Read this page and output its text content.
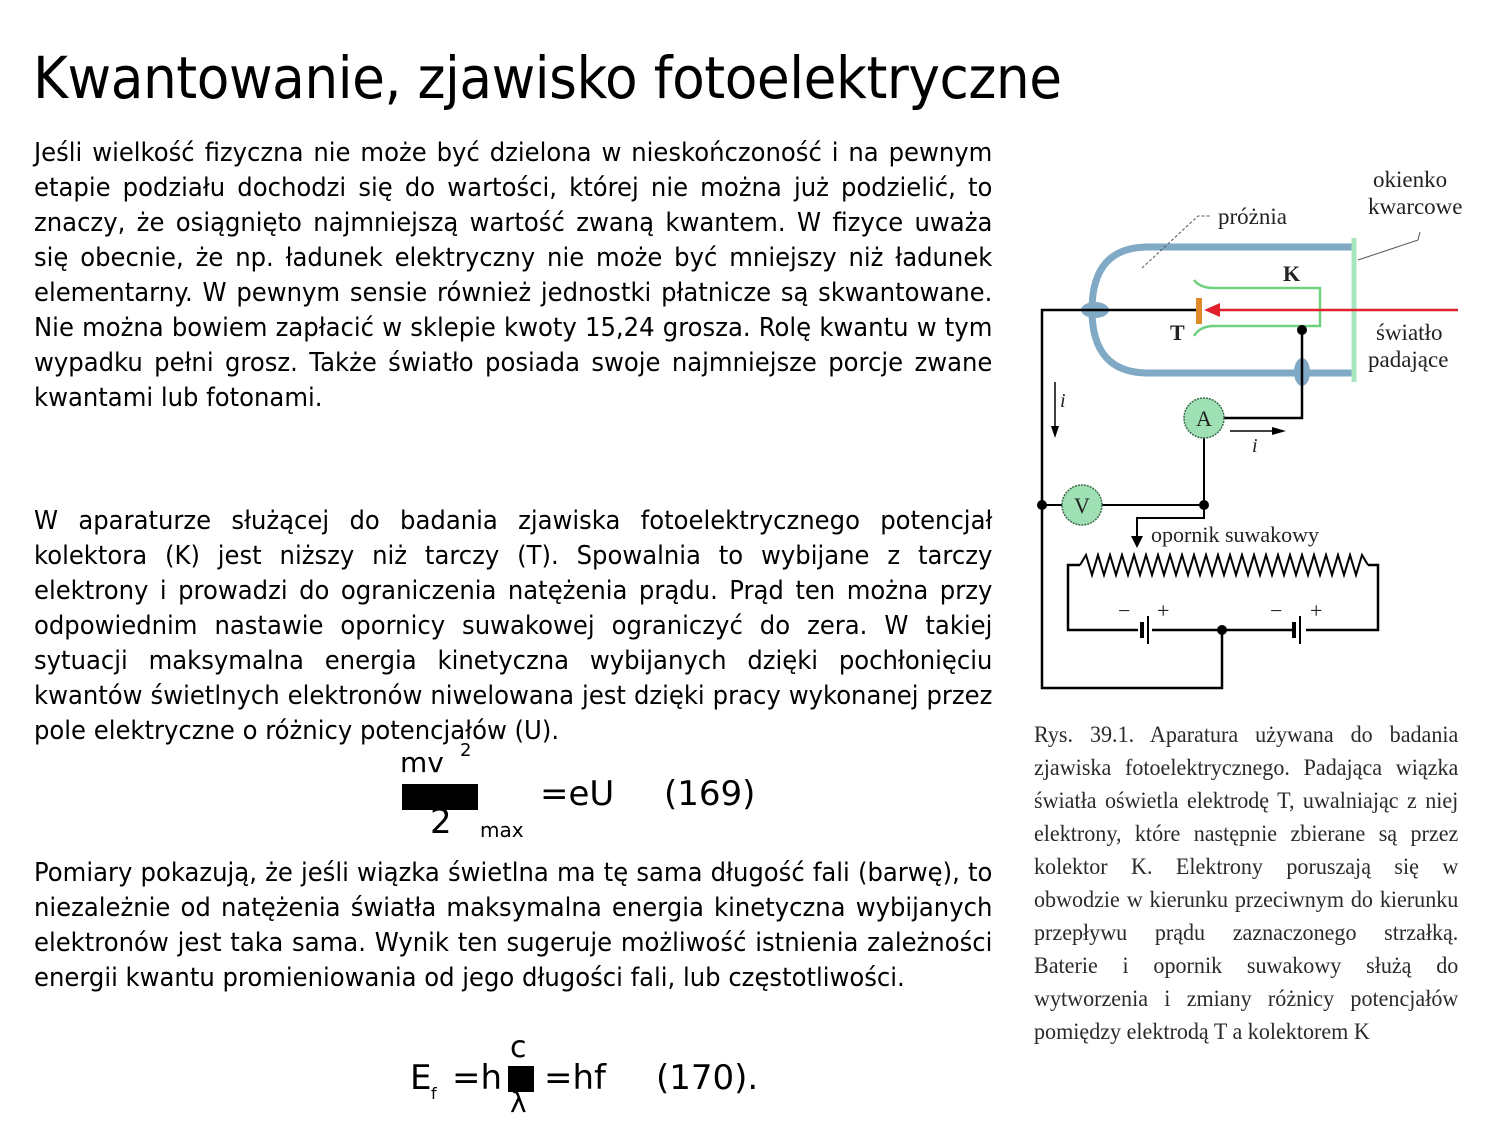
Kwantowanie, zjawisko fotoelektryczne

Jeśli wielkość fizyczna nie może być dzielona w nieskończoność i na pewnym etapie podziału dochodzi się do wartości, której nie można już podzielić, to znaczy, że osiągnięto najmniejszą wartość zwaną kwantem. W fizyce uważa się obecnie, że np. ładunek elektryczny nie może być mniejszy niż ładunek elementarny. W pewnym sensie również jednostki płatnicze są skwantowane. Nie można bowiem zapłacić w sklepie kwoty 15,24 grosza. Rolę kwantu w tym wypadku pełni grosz. Także światło posiada swoje najmniejsze porcje zwane kwantami lub fotonami.

W aparaturze służącej do badania zjawiska fotoelektrycznego potencjał kolektora (K) jest niższy niż tarczy (T). Spowalnia to wybijane z tarczy elektrony i prowadzi do ograniczenia natężenia prądu. Prąd ten można przy odpowiednim nastawie opornicy suwakowej ograniczyć do zera. W takiej sytuacji maksymalna energia kinetyczna wybijanych dzięki pochłonięciu kwantów świetlnych elektronów niwelowana jest dzięki pracy wykonanej przez pole elektryczne o różnicy potencjałów (U).

mv 2
2 max
=eU (169)

Pomiary pokazują, że jeśli wiązka świetlna ma tę sama długość fali (barwę), to niezależnie od natężenia światła maksymalna energia kinetyczna wybijanych elektronów jest taka sama. Wynik ten sugeruje możliwość istnienia zależności energii kwantu promieniowania od jego długości fali, lub częstotliwości.

E f =h
c
λ
=hf (170).
A
V
próżnia
okienko
kwarcowe
K
T	światło
padające
i
i
opornik suwakowy
− +	− +

Rys. 39.1. Aparatura używana do badania zjawiska fotoelektrycznego. Padająca wiązka światła oświetla elektrodę T, uwalniając z niej elektrony, które następnie zbierane są przez kolektor K. Elektrony poruszają się w obwodzie w kierunku przeciwnym do kierunku przepływu prądu zaznaczonego strzałką. Baterie i opornik suwakowy służą do wytworzenia i zmiany różnicy potencjałów pomiędzy elektrodą T a kolektorem K
